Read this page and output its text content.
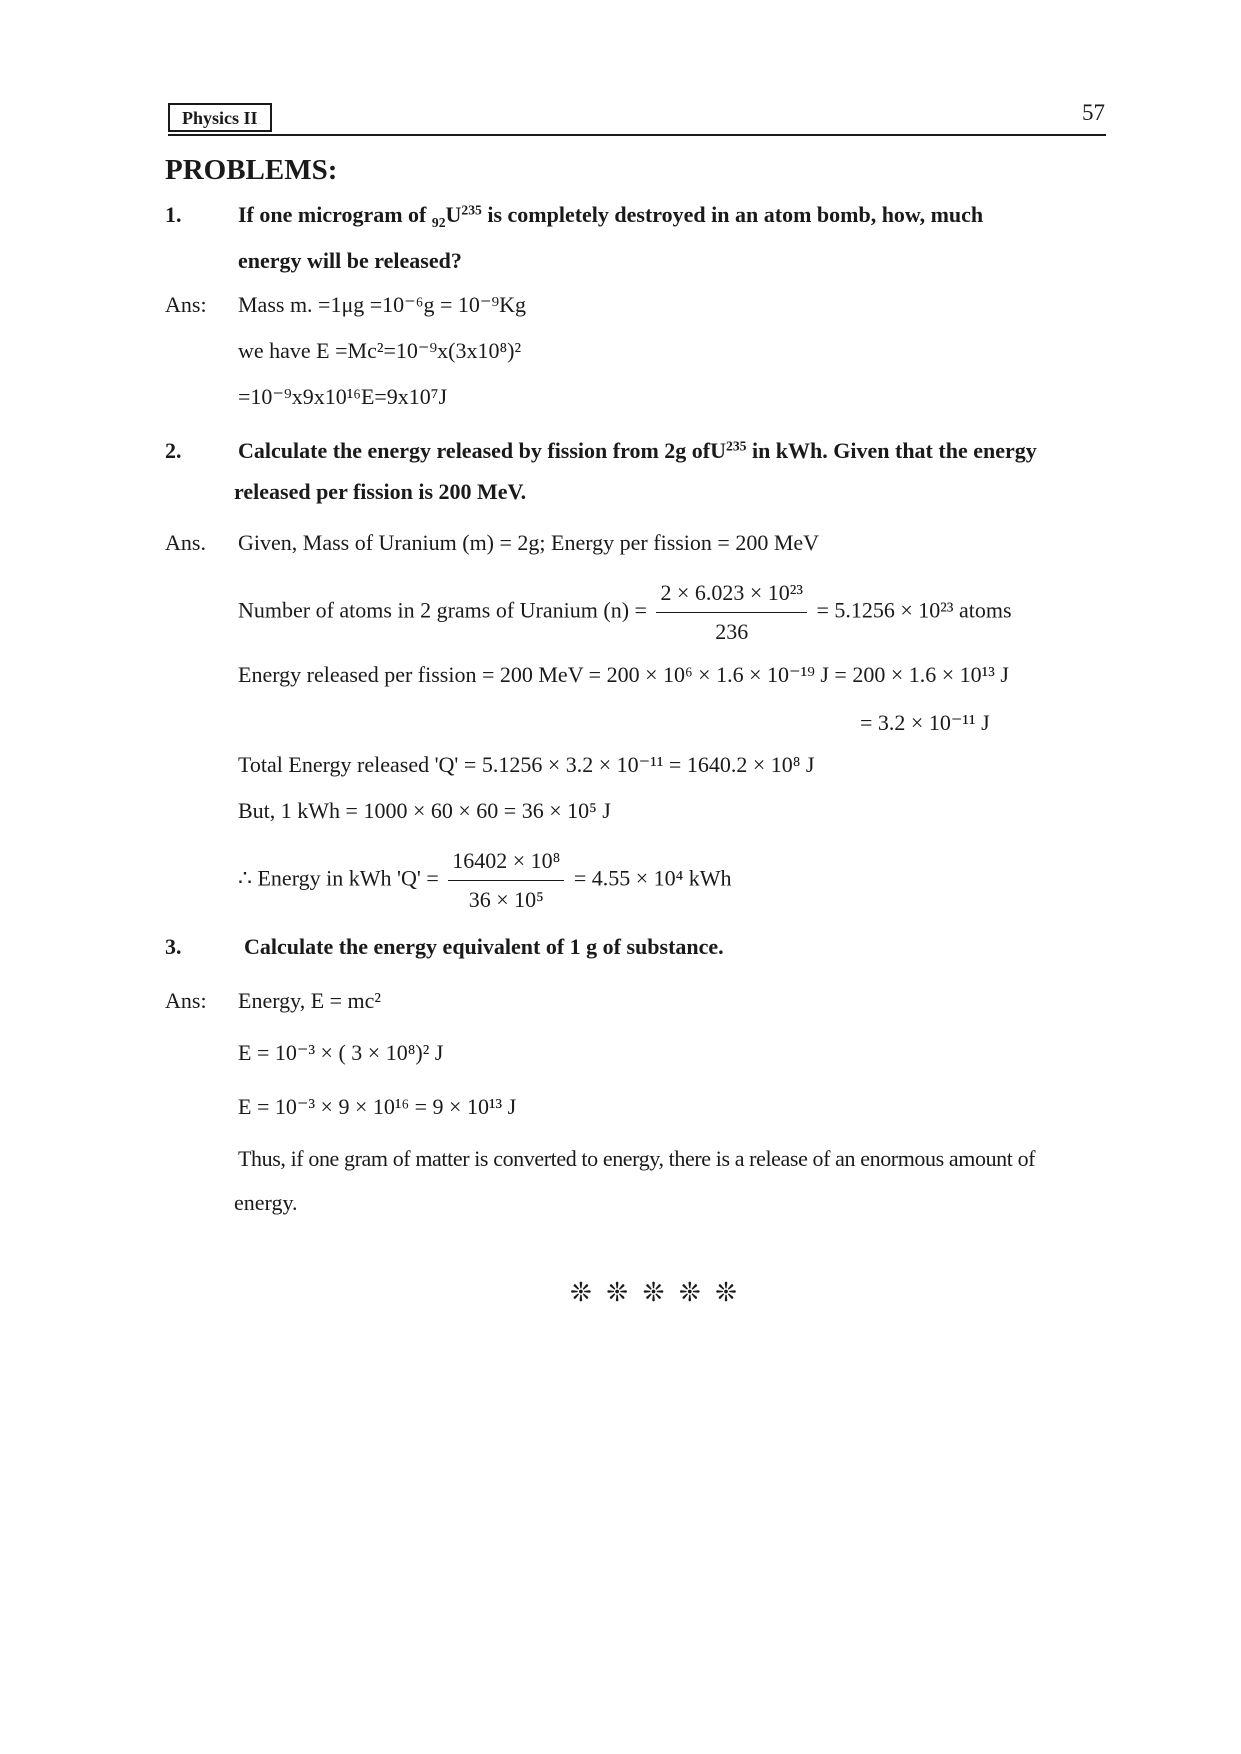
Physics II	57
PROBLEMS:
1.	If one microgram of $_{92}U^{235}$ is completely destroyed in an atom bomb, how, much
energy will be released?
Ans: Mass m. =1μg =10⁻⁶g = 10⁻⁹Kg
we have E =Mc²=10⁻⁹x(3x10⁸)²
=10⁻⁹x9x10¹⁶E=9x10⁷J
2.	Calculate the energy released by fission from 2g ofU$^{235}$ in kWh. Given that the energy
released per fission is 200 MeV.
Ans. Given, Mass of Uranium (m) = 2g; Energy per fission = 200 MeV
Number of atoms in 2 grams of Uranium $(n) = \frac{\text{2 × 6.023 × 10²³}}{236} = 5.1256 \times 10^{23}$ atoms
Energy released per fission = 200 MeV = 200 × 10⁶ × 1.6 × 10⁻¹⁹ J = 200 × 1.6 × 10¹³ J
= 3.2 × 10⁻¹¹ J
Total Energy released 'Q' = 5.1256 × 3.2 × 10⁻¹¹ = 1640.2 × 10⁸ J
But, 1 kWh = 1000 × 60 × 60 = 36 × 10⁵ J
∴ Energy in kWh '$Q' = \frac{\text{16402 × 10⁸}}{\text{36 × 10⁵}} = 4.55 \times 10^4$ kWh
3.	Calculate the energy equivalent of 1 g of substance.
Ans: Energy, E = mc²
E = 10⁻³ × ( 3 × 10⁸)² J
E = 10⁻³ × 9 × 10¹⁶ = 9 × 10¹³ J
Thus, if one gram of matter is converted to energy, there is a release of an enormous amount of
energy.
❊ ❊ ❊ ❊ ❊
